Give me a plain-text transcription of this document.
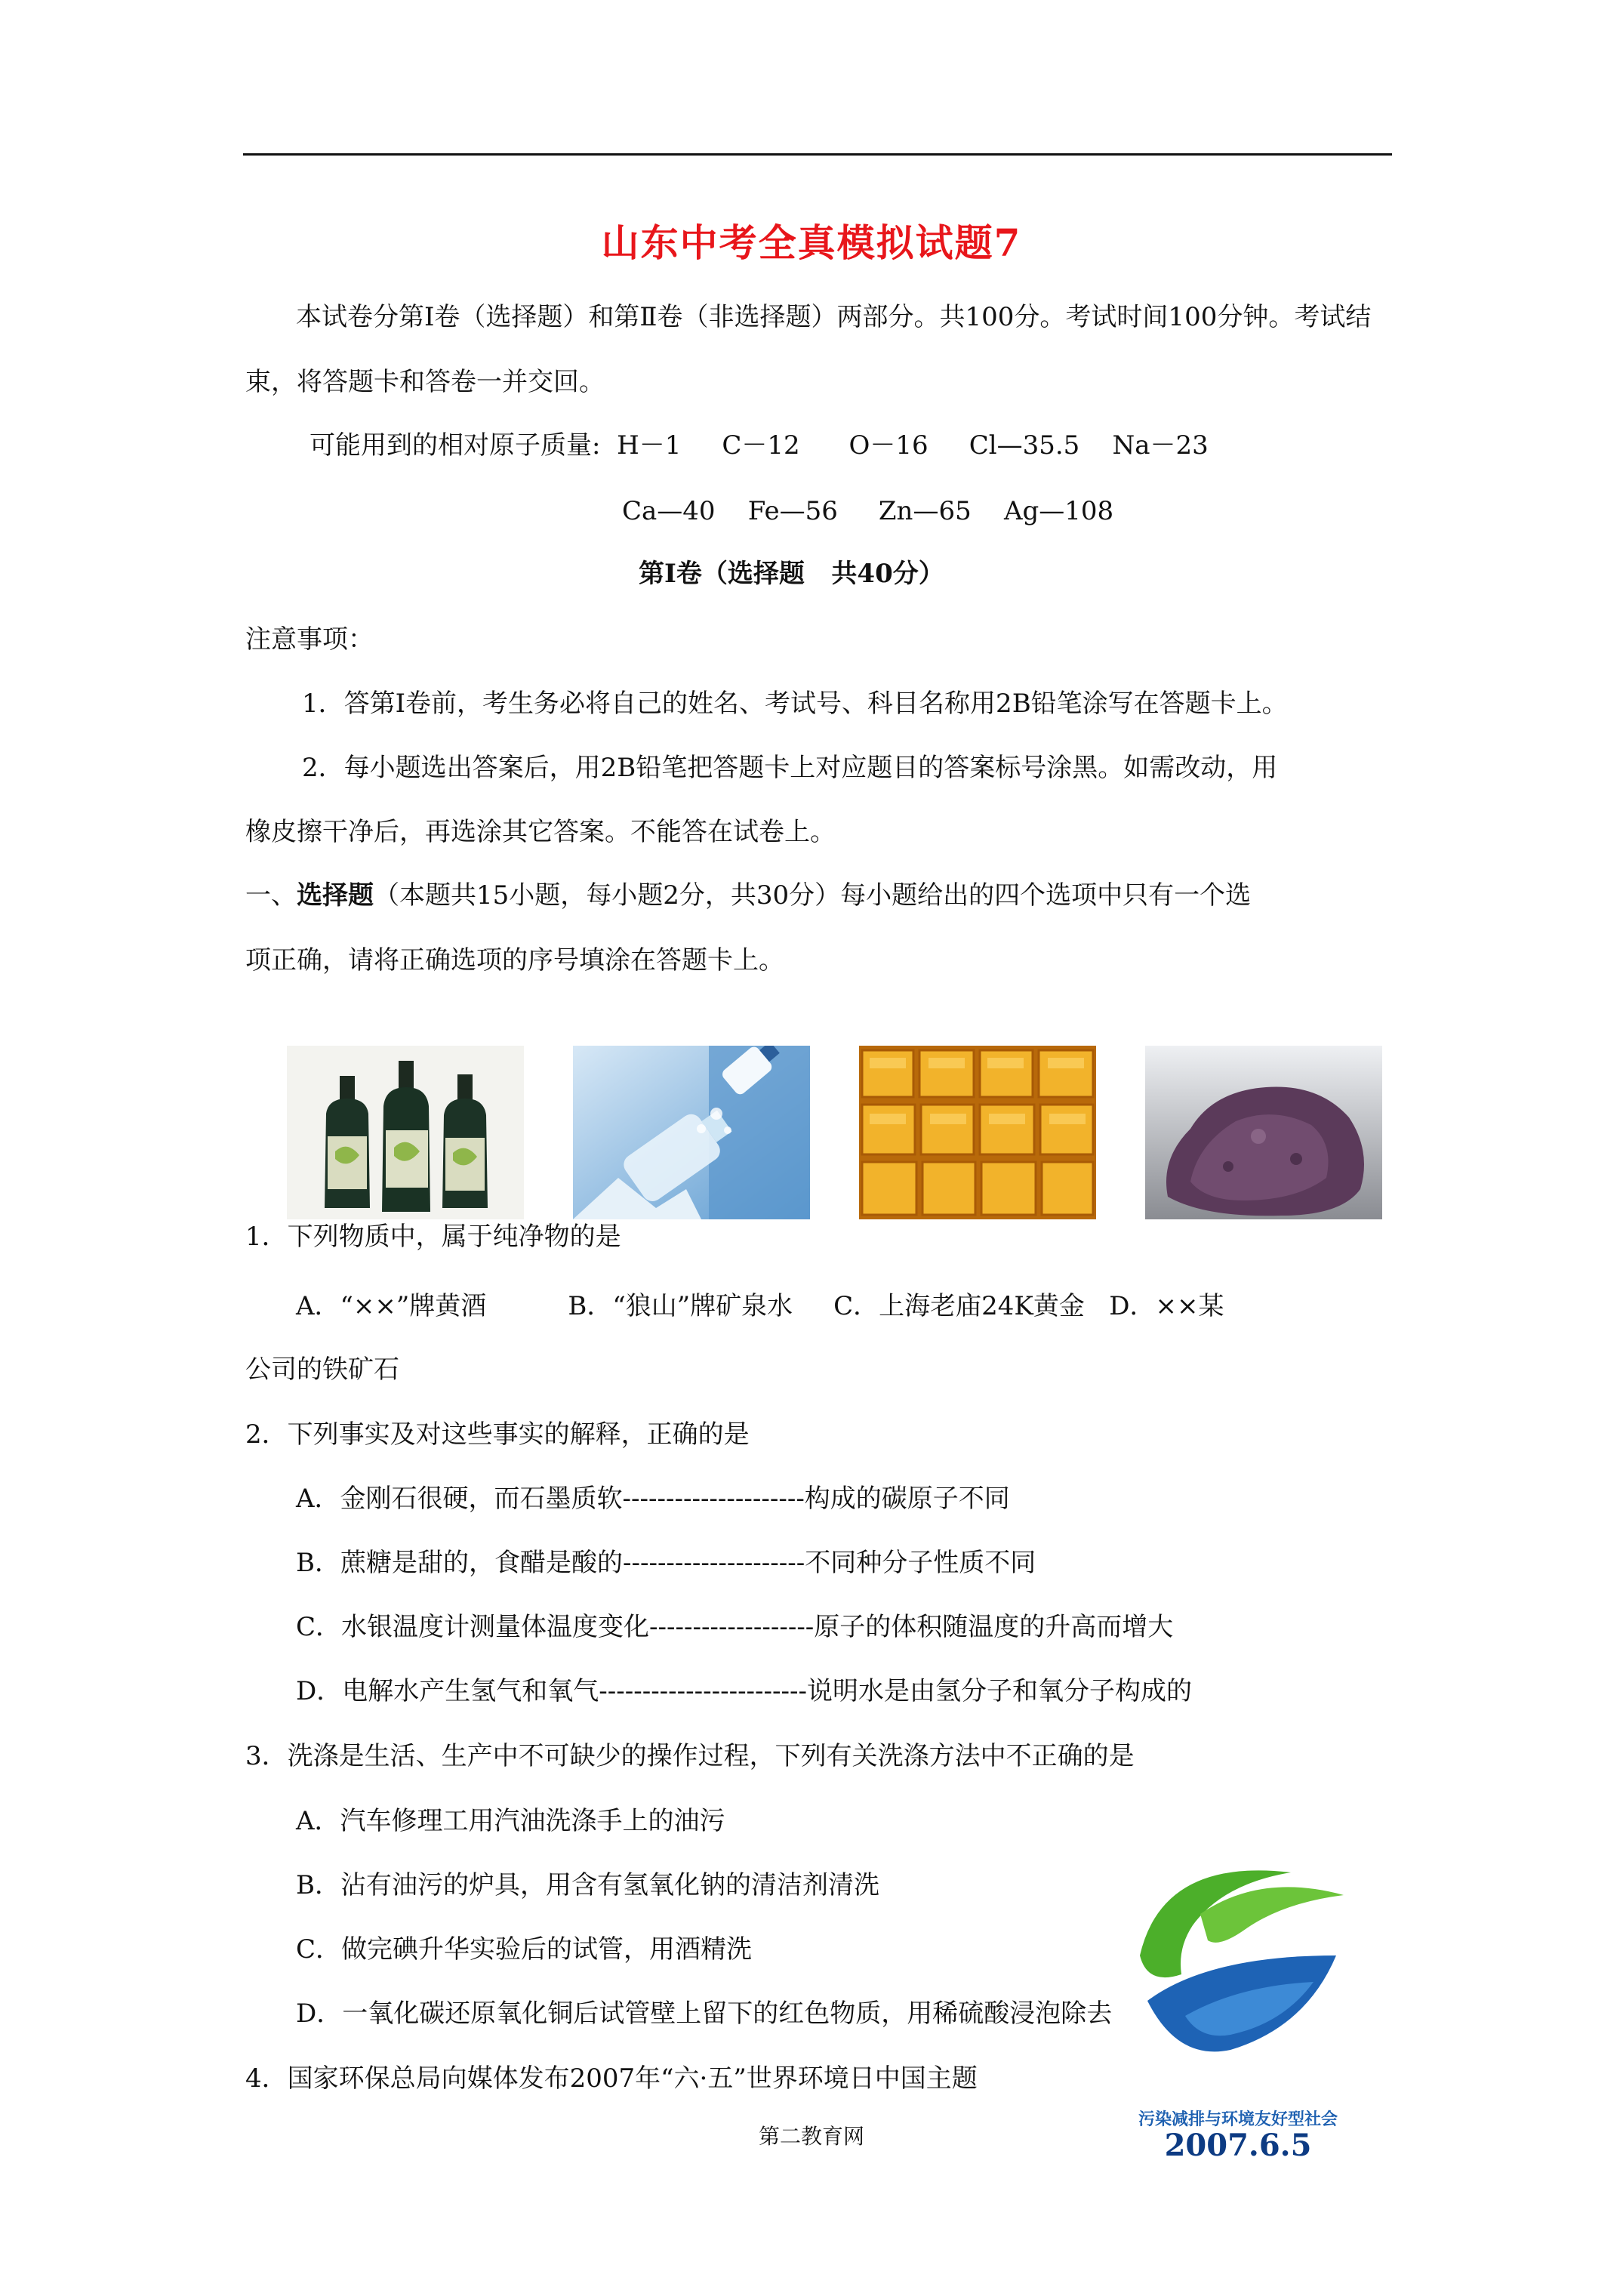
山东中考全真模拟试题7
本试卷分第Ⅰ卷（选择题）和第Ⅱ卷（非选择题）两部分。共100分。考试时间100分钟。考试结
束，将答题卡和答卷一并交回。
可能用到的相对原子质量:  H－1     C－12      O－16     Cl—35.5    Na－23
Ca—40    Fe—56     Zn—65    Ag—108
第Ⅰ卷（选择题   共40分）
注意事项：
1．答第Ⅰ卷前，考生务必将自己的姓名、考试号、科目名称用2B铅笔涂写在答题卡上。
2．每小题选出答案后，用2B铅笔把答题卡上对应题目的答案标号涂黑。如需改动，用
橡皮擦干净后，再选涂其它答案。不能答在试卷上。
一、选择题（本题共15小题，每小题2分，共30分）每小题给出的四个选项中只有一个选
项正确，请将正确选项的序号填涂在答题卡上。
1．下列物质中，属于纯净物的是
A．“××”牌黄酒          B．“狼山”牌矿泉水     C．上海老庙24K黄金   D．××某
公司的铁矿石
2．下列事实及对这些事实的解释，正确的是
A．金刚石很硬，而石墨质软---------------------构成的碳原子不同
B．蔗糖是甜的，食醋是酸的---------------------不同种分子性质不同
C．水银温度计测量体温度变化-------------------原子的体积随温度的升高而增大
D．电解水产生氢气和氧气------------------------说明水是由氢分子和氧分子构成的
3．洗涤是生活、生产中不可缺少的操作过程，下列有关洗涤方法中不正确的是
A．汽车修理工用汽油洗涤手上的油污
B．沾有油污的炉具，用含有氢氧化钠的清洁剂清洗
C．做完碘升华实验后的试管，用酒精洗
D．一氧化碳还原氧化铜后试管壁上留下的红色物质，用稀硫酸浸泡除去
4．国家环保总局向媒体发布2007年“六·五”世界环境日中国主题
第二教育网
污染减排与环境友好型社会
2007.6.5
